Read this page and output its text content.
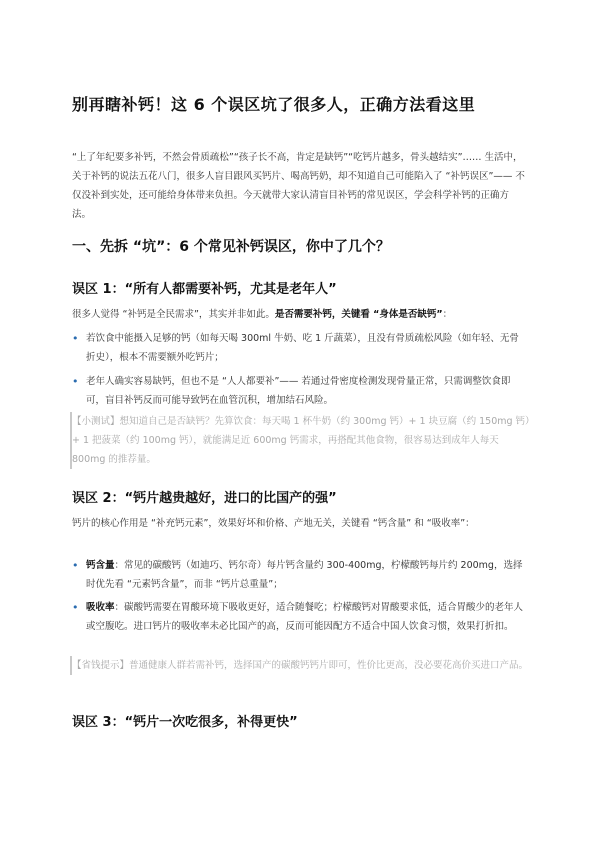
别再瞎补钙！这 6 个误区坑了很多人，正确方法看这里

“上了年纪要多补钙，不然会骨质疏松”“孩子长不高，肯定是缺钙”“吃钙片越多，骨头越结实”…… 生活中，关于补钙的说法五花八门，很多人盲目跟风买钙片、喝高钙奶，却不知道自己可能陷入了 “补钙误区”—— 不仅没补到实处，还可能给身体带来负担。今天就带大家认清盲目补钙的常见误区，学会科学补钙的正确方法。

一、先拆 “坑”：6 个常见补钙误区，你中了几个？
误区 1：“所有人都需要补钙，尤其是老年人”

很多人觉得 “补钙是全民需求”，其实并非如此。是否需要补钙，关键看 “身体是否缺钙”：

• 若饮食中能摄入足够的钙（如每天喝 300ml 牛奶、吃 1 斤蔬菜），且没有骨质疏松风险（如年轻、无骨折史），根本不需要额外吃钙片；
• 老年人确实容易缺钙，但也不是 “人人都要补”—— 若通过骨密度检测发现骨量正常，只需调整饮食即可，盲目补钙反而可能导致钙在血管沉积，增加结石风险。
【小测试】想知道自己是否缺钙？先算饮食：每天喝 1 杯牛奶（约 300mg 钙）+ 1 块豆腐（约 150mg 钙）+ 1 把菠菜（约 100mg 钙），就能满足近 600mg 钙需求，再搭配其他食物，很容易达到成年人每天 800mg 的推荐量。
误区 2：“钙片越贵越好，进口的比国产的强”

钙片的核心作用是 “补充钙元素”，效果好坏和价格、产地无关，关键看 “钙含量” 和 “吸收率”：

• 钙含量：常见的碳酸钙（如迪巧、钙尔奇）每片钙含量约 300-400mg，柠檬酸钙每片约 200mg，选择时优先看 “元素钙含量”，而非 “钙片总重量”；
• 吸收率：碳酸钙需要在胃酸环境下吸收更好，适合随餐吃；柠檬酸钙对胃酸要求低，适合胃酸少的老年人或空腹吃。进口钙片的吸收率未必比国产的高，反而可能因配方不适合中国人饮食习惯，效果打折扣。
【省钱提示】普通健康人群若需补钙，选择国产的碳酸钙钙片即可，性价比更高，没必要花高价买进口产品。
误区 3：“钙片一次吃很多，补得更快”
